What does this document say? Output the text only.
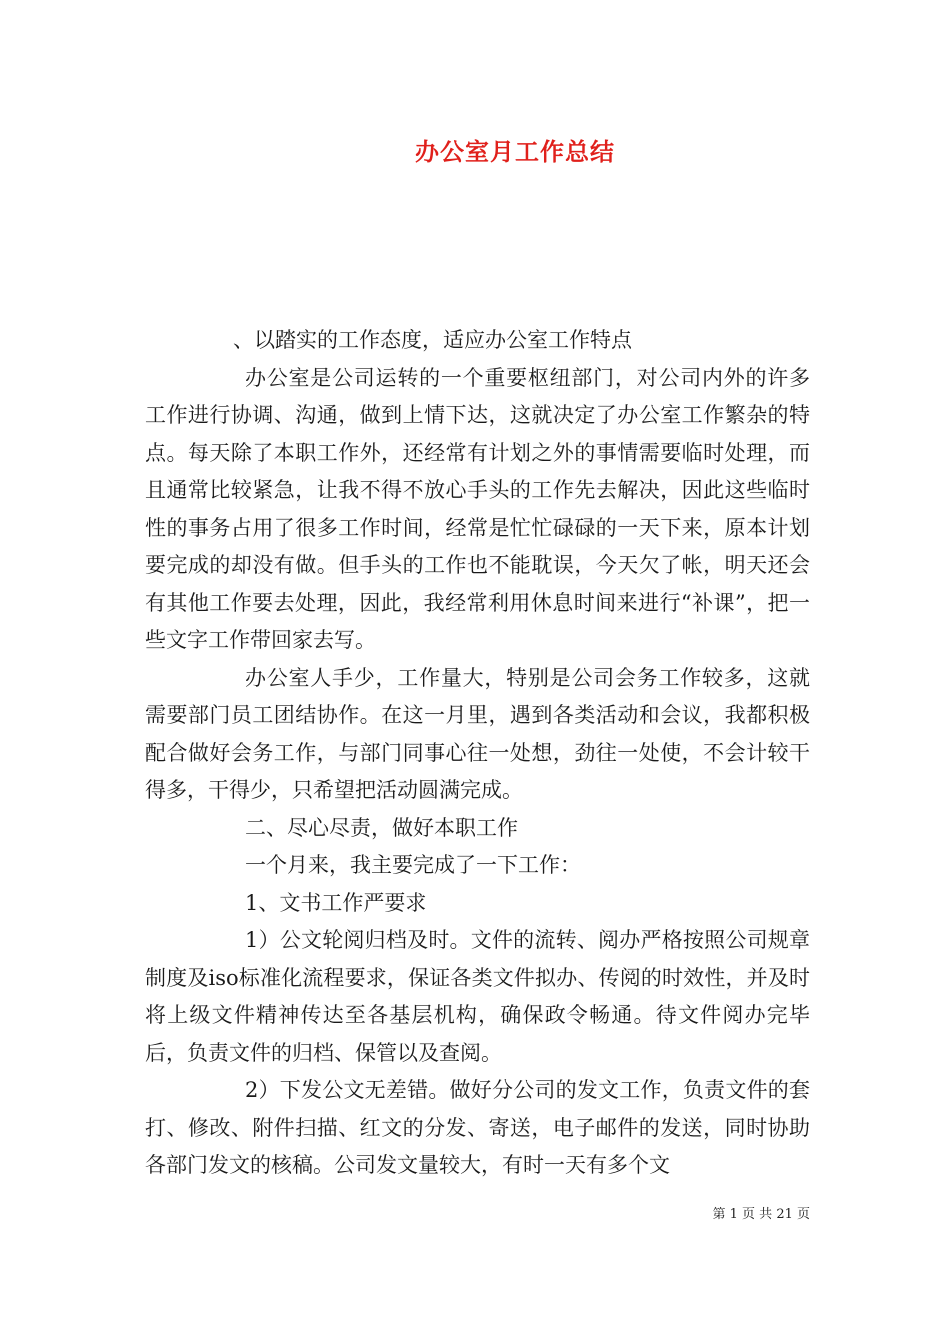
办公室月工作总结

、以踏实的工作态度，适应办公室工作特点

办公室是公司运转的一个重要枢纽部门，对公司内外的许多工作进行协调、沟通，做到上情下达，这就决定了办公室工作繁杂的特点。每天除了本职工作外，还经常有计划之外的事情需要临时处理，而且通常比较紧急，让我不得不放心手头的工作先去解决，因此这些临时性的事务占用了很多工作时间，经常是忙忙碌碌的一天下来，原本计划要完成的却没有做。但手头的工作也不能耽误，今天欠了帐，明天还会有其他工作要去处理，因此，我经常利用休息时间来进行“补课”，把一些文字工作带回家去写。

办公室人手少，工作量大，特别是公司会务工作较多，这就需要部门员工团结协作。在这一月里，遇到各类活动和会议，我都积极配合做好会务工作，与部门同事心往一处想，劲往一处使，不会计较干得多，干得少，只希望把活动圆满完成。

二、尽心尽责，做好本职工作

一个月来，我主要完成了一下工作：

1、文书工作严要求

1）公文轮阅归档及时。文件的流转、阅办严格按照公司规章制度及iso标准化流程要求，保证各类文件拟办、传阅的时效性，并及时将上级文件精神传达至各基层机构，确保政令畅通。待文件阅办完毕后，负责文件的归档、保管以及查阅。

2）下发公文无差错。做好分公司的发文工作，负责文件的套打、修改、附件扫描、红文的分发、寄送，电子邮件的发送，同时协助各部门发文的核稿。公司发文量较大，有时一天有多个文

第 1 页 共 21 页
